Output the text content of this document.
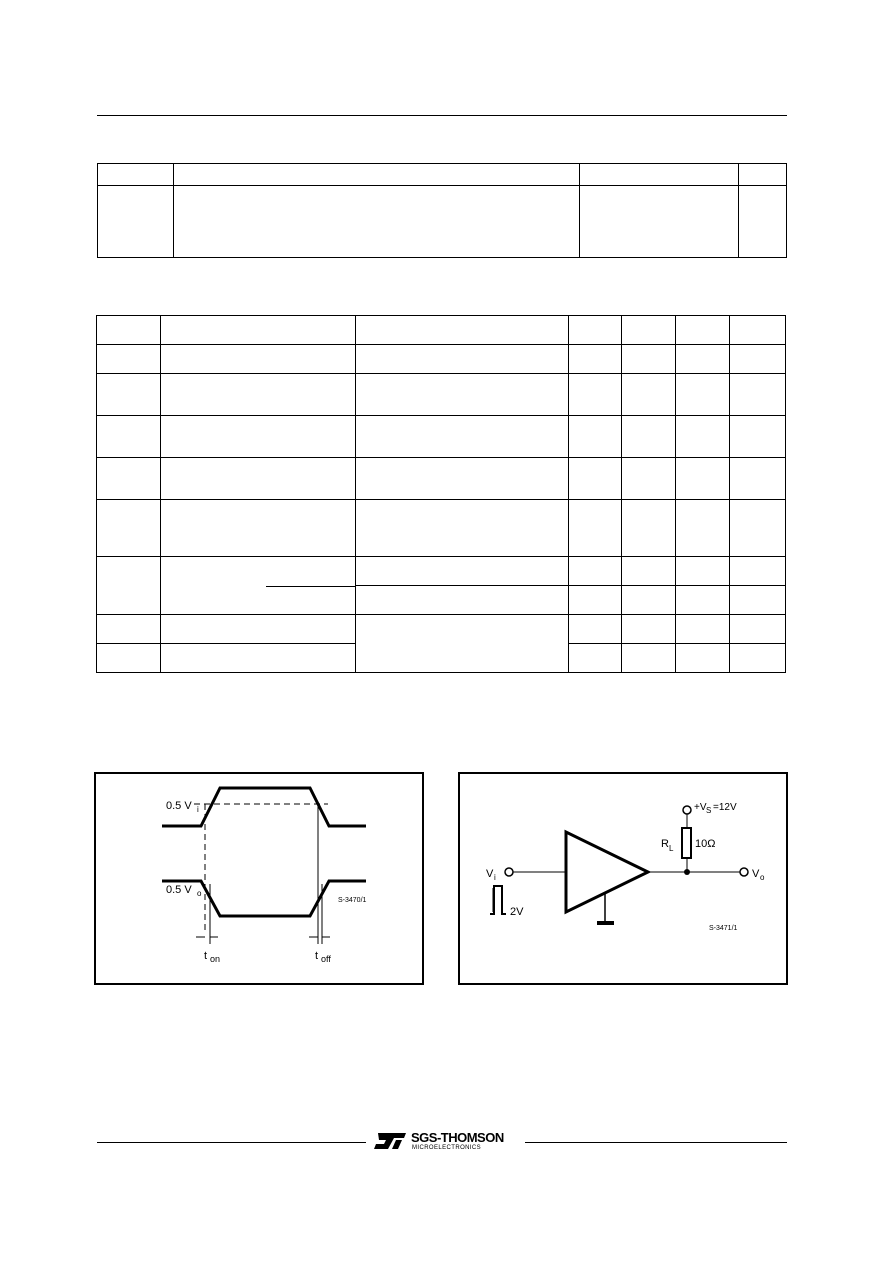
0.5 V i
0.5 V o
t on	t off
S-3470/1
+V S =12V
R L 10Ω
V i	V o
2V
S-3471/1
SGS-THOMSON
MICROELECTRONICS
